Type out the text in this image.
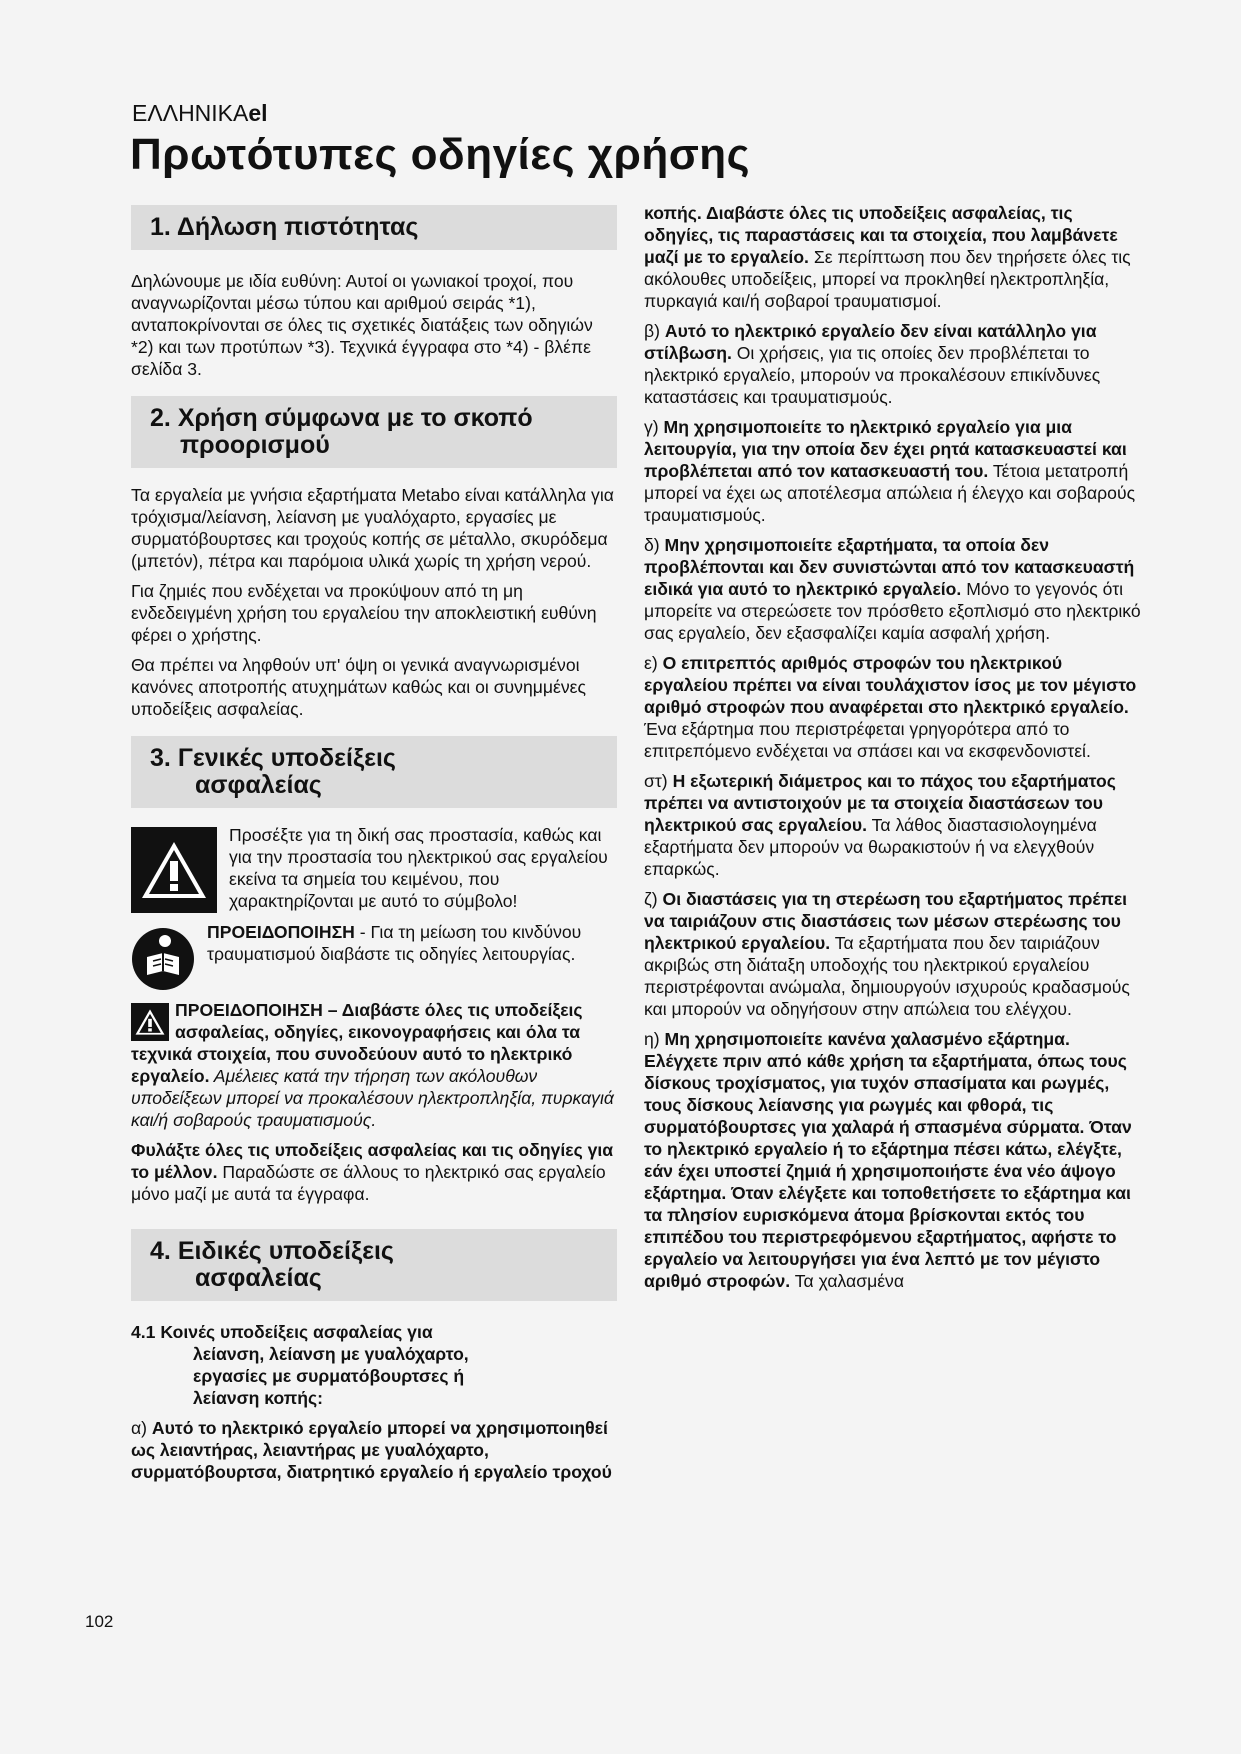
ΕΛΛΗΝΙΚΑel
Πρωτότυπες οδηγίες χρήσης
1. Δήλωση πιστότητας

Δηλώνουμε με ιδία ευθύνη: Αυτοί οι γωνιακοί τροχοί, που αναγνωρίζονται μέσω τύπου και αριθμού σειράς *1), ανταποκρίνονται σε όλες τις σχετικές διατάξεις των οδηγιών *2) και των προτύπων *3). Τεχνικά έγγραφα στο *4) - βλέπε σελίδα 3.

2. Χρήση σύμφωνα με το σκοπό
προορισμού

Τα εργαλεία με γνήσια εξαρτήματα Metabo είναι κατάλληλα για τρόχισμα/λείανση, λείανση με γυαλόχαρτο, εργασίες με συρματόβουρτσες και τροχούς κοπής σε μέταλλο, σκυρόδεμα (μπετόν), πέτρα και παρόμοια υλικά χωρίς τη χρήση νερού.

Για ζημιές που ενδέχεται να προκύψουν από τη μη ενδεδειγμένη χρήση του εργαλείου την αποκλειστική ευθύνη φέρει ο χρήστης.

Θα πρέπει να ληφθούν υπ' όψη οι γενικά αναγνωρισμένοι κανόνες αποτροπής ατυχημάτων καθώς και οι συνημμένες υποδείξεις ασφαλείας.

3. Γενικές υποδείξεις
ασφαλείας

Προσέξτε για τη δική σας προστασία, καθώς και για την προστασία του ηλεκτρικού σας εργαλείου εκείνα τα σημεία του κειμένου, που χαρακτηρίζονται με αυτό το σύμβολο!

ΠΡΟΕΙΔΟΠΟΙΗΣΗ - Για τη μείωση του κινδύνου τραυματισμού διαβάστε τις οδηγίες λειτουργίας.

ΠΡΟΕΙΔΟΠΟΙΗΣΗ – Διαβάστε όλες τις υποδείξεις ασφαλείας, οδηγίες, εικονογραφήσεις και όλα τα τεχνικά στοιχεία, που συνοδεύουν αυτό το ηλεκτρικό εργαλείο. Αμέλειες κατά την τήρηση των ακόλουθων υποδείξεων μπορεί να προκαλέσουν ηλεκτροπληξία, πυρκαγιά και/ή σοβαρούς τραυματισμούς.

Φυλάξτε όλες τις υποδείξεις ασφαλείας και τις οδηγίες για το μέλλον. Παραδώστε σε άλλους το ηλεκτρικό σας εργαλείο μόνο μαζί με αυτά τα έγγραφα.

4. Ειδικές υποδείξεις
ασφαλείας
4.1 Κοινές υποδείξεις ασφαλείας για
λείανση, λείανση με γυαλόχαρτο,
εργασίες με συρματόβουρτσες ή
λείανση κοπής:

α) Αυτό το ηλεκτρικό εργαλείο μπορεί να χρησιμοποιηθεί ως λειαντήρας, λειαντήρας με γυαλόχαρτο, συρματόβουρτσα, διατρητικό εργαλείο ή εργαλείο τροχού

κοπής. Διαβάστε όλες τις υποδείξεις ασφαλείας, τις οδηγίες, τις παραστάσεις και τα στοιχεία, που λαμβάνετε μαζί με το εργαλείο. Σε περίπτωση που δεν τηρήσετε όλες τις ακόλουθες υποδείξεις, μπορεί να προκληθεί ηλεκτροπληξία, πυρκαγιά και/ή σοβαροί τραυματισμοί.

β) Αυτό το ηλεκτρικό εργαλείο δεν είναι κατάλληλο για στίλβωση. Οι χρήσεις, για τις οποίες δεν προβλέπεται το ηλεκτρικό εργαλείο, μπορούν να προκαλέσουν επικίνδυνες καταστάσεις και τραυματισμούς.

γ) Μη χρησιμοποιείτε το ηλεκτρικό εργαλείο για μια λειτουργία, για την οποία δεν έχει ρητά κατασκευαστεί και προβλέπεται από τον κατασκευαστή του. Τέτοια μετατροπή μπορεί να έχει ως αποτέλεσμα απώλεια ή έλεγχο και σοβαρούς τραυματισμούς.

δ) Μην χρησιμοποιείτε εξαρτήματα, τα οποία δεν προβλέπονται και δεν συνιστώνται από τον κατασκευαστή ειδικά για αυτό το ηλεκτρικό εργαλείο. Μόνο το γεγονός ότι μπορείτε να στερεώσετε τον πρόσθετο εξοπλισμό στο ηλεκτρικό σας εργαλείο, δεν εξασφαλίζει καμία ασφαλή χρήση.

ε) Ο επιτρεπτός αριθμός στροφών του ηλεκτρικού εργαλείου πρέπει να είναι τουλάχιστον ίσος με τον μέγιστο αριθμό στροφών που αναφέρεται στο ηλεκτρικό εργαλείο. Ένα εξάρτημα που περιστρέφεται γρηγορότερα από το επιτρεπόμενο ενδέχεται να σπάσει και να εκσφενδονιστεί.

στ) Η εξωτερική διάμετρος και το πάχος του εξαρτήματος πρέπει να αντιστοιχούν με τα στοιχεία διαστάσεων του ηλεκτρικού σας εργαλείου. Τα λάθος διαστασιολογημένα εξαρτήματα δεν μπορούν να θωρακιστούν ή να ελεγχθούν επαρκώς.

ζ) Οι διαστάσεις για τη στερέωση του εξαρτήματος πρέπει να ταιριάζουν στις διαστάσεις των μέσων στερέωσης του ηλεκτρικού εργαλείου. Τα εξαρτήματα που δεν ταιριάζουν ακριβώς στη διάταξη υποδοχής του ηλεκτρικού εργαλείου περιστρέφονται ανώμαλα, δημιουργούν ισχυρούς κραδασμούς και μπορούν να οδηγήσουν στην απώλεια του ελέγχου.

η) Μη χρησιμοποιείτε κανένα χαλασμένο εξάρτημα. Ελέγχετε πριν από κάθε χρήση τα εξαρτήματα, όπως τους δίσκους τροχίσματος, για τυχόν σπασίματα και ρωγμές, τους δίσκους λείανσης για ρωγμές και φθορά, τις συρματόβουρτσες για χαλαρά ή σπασμένα σύρματα. Όταν το ηλεκτρικό εργαλείο ή το εξάρτημα πέσει κάτω, ελέγξτε, εάν έχει υποστεί ζημιά ή χρησιμοποιήστε ένα νέο άψογο εξάρτημα. Όταν ελέγξετε και τοποθετήσετε το εξάρτημα και τα πλησίον ευρισκόμενα άτομα βρίσκονται εκτός του επιπέδου του περιστρεφόμενου εξαρτήματος, αφήστε το εργαλείο να λειτουργήσει για ένα λεπτό με τον μέγιστο αριθμό στροφών. Τα χαλασμένα

102
